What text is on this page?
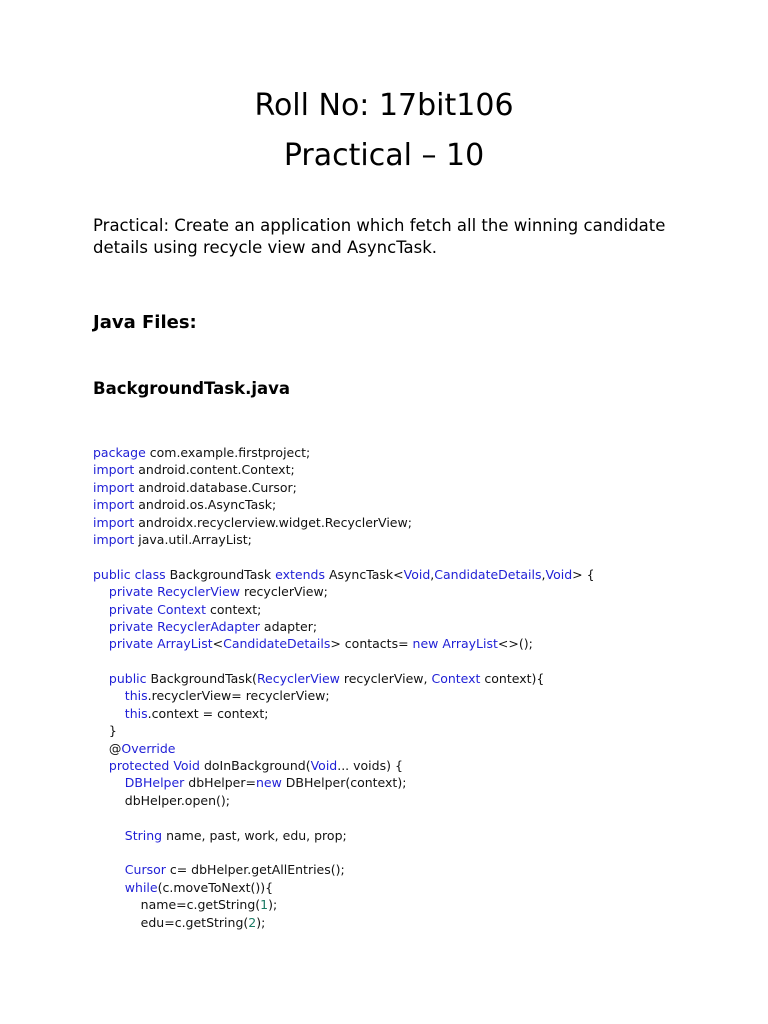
Roll No: 17bit106
Practical – 10

Practical: Create an application which fetch all the winning candidate details using recycle view and AsyncTask.

Java Files:
BackgroundTask.java
package com.example.firstproject;
import android.content.Context;
import android.database.Cursor;
import android.os.AsyncTask;
import androidx.recyclerview.widget.RecyclerView;
import java.util.ArrayList;
public class BackgroundTask extends AsyncTask<Void,CandidateDetails,Void> {
private RecyclerView recyclerView;
private Context context;
private RecyclerAdapter adapter;
private ArrayList<CandidateDetails> contacts= new ArrayList<>();
public BackgroundTask(RecyclerView recyclerView, Context context){
this.recyclerView= recyclerView;
this.context = context;
}
@Override
protected Void doInBackground(Void... voids) {
DBHelper dbHelper=new DBHelper(context);
dbHelper.open();
String name, past, work, edu, prop;
Cursor c= dbHelper.getAllEntries();
while(c.moveToNext()){
name=c.getString(1);
edu=c.getString(2);
